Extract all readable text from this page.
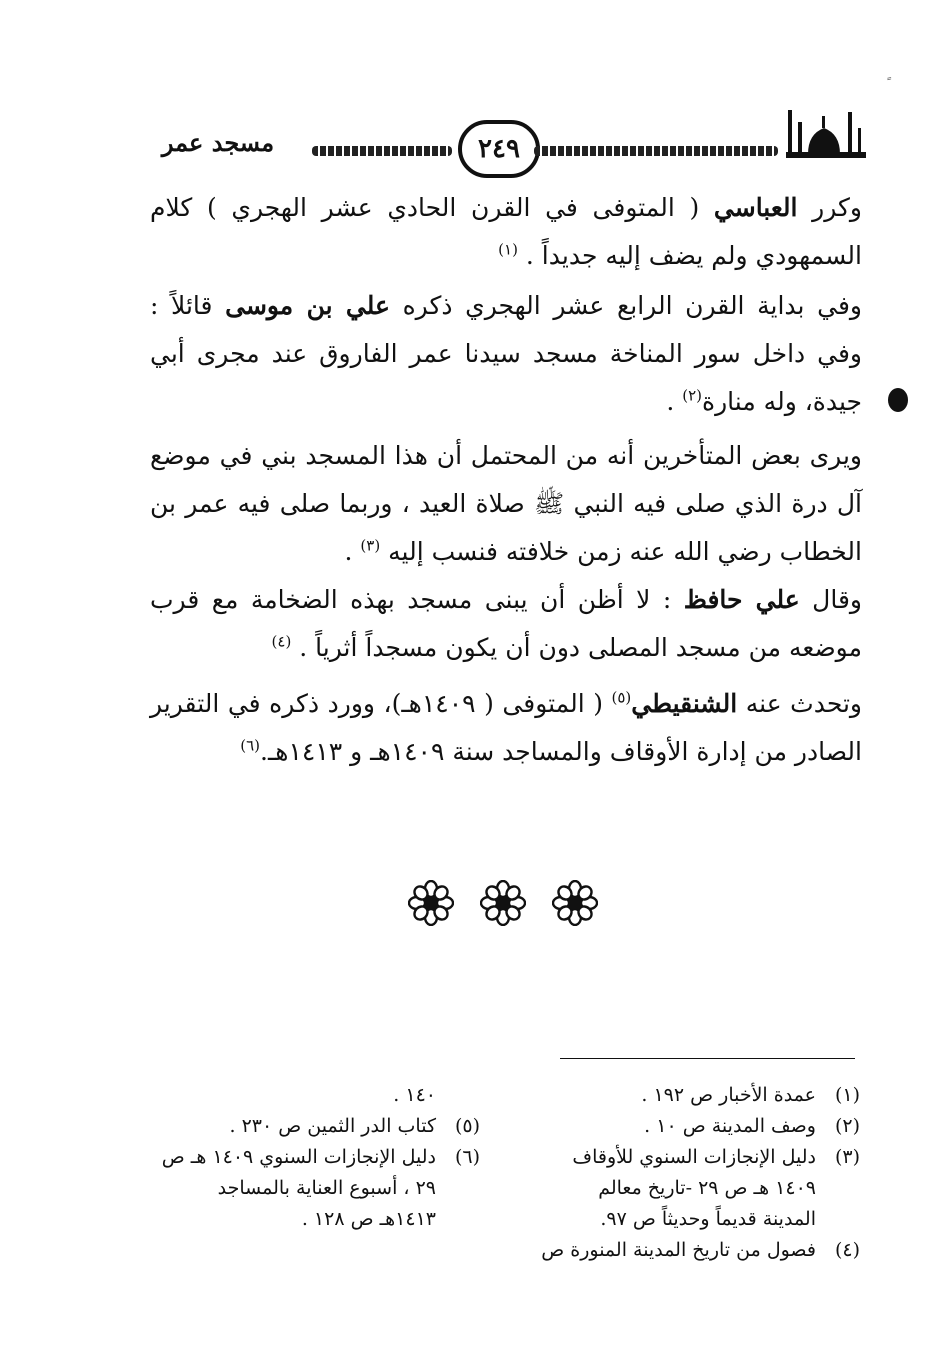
مسجد عمر	٢٤٩

وكرر العباسي ( المتوفى في القرن الحادي عشر الهجري ) كلام السمهودي ولم يضف إليه جديداً . $^{(١)}$

وفي بداية القرن الرابع عشر الهجري ذكره علي بن موسى قائلاً : وفي داخل سور المناخة مسجد سيدنا عمر الفاروق عند مجرى أبي جيدة، وله منارة$^{(٢)}$ .

ويرى بعض المتأخرين أنه من المحتمل أن هذا المسجد بني في موضع آل درة الذي صلى فيه النبي ﷺ صلاة العيد ، وربما صلى فيه عمر بن الخطاب رضي الله عنه زمن خلافته فنسب إليه $^{(٣)}$ .

وقال علي حافظ : لا أظن أن يبنى مسجد بهذه الضخامة مع قرب موضعه من مسجد المصلى دون أن يكون مسجداً أثرياً . $^{(٤)}$

وتحدث عنه الشنقيطي$^{(٥)}$ ( المتوفى ( ١٤٠٩هـ)، وورد ذكره في التقرير الصادر من إدارة الأوقاف والمساجد سنة ١٤٠٩هـ و ١٤١٣هـ.$^{(٦)}$

(١)عمدة الأخبار ص ١٩٢ .

(٢)وصف المدينة ص ١٠ .

(٣)دليل الإنجازات السنوي للأوقاف

١٤٠٩ هـ ص ٢٩ -تاريخ معالم

المدينة قديماً وحديثاً ص ٩٧.

(٤)فصول من تاريخ المدينة المنورة ص

١٤٠ .

(٥)كتاب الدر الثمين ص ٢٣٠ .

(٦)دليل الإنجازات السنوي ١٤٠٩ هـ ص

٢٩ ، أسبوع العناية بالمساجد

١٤١٣هـ ص ١٢٨ .
